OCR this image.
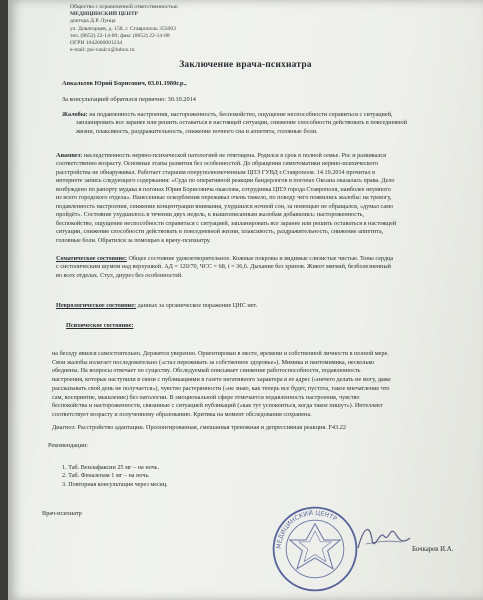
Общество с ограниченной ответственностью
МЕДИЦИНСКИЙ ЦЕНТР
доктора Д.Р. Лунца
ул. Доваторцев, д. 158, г. Ставрополь 355003
тел. (8652) 22-14-89; факс (8652) 22-14-88
ОГРН 1042600001234
e-mail: psi-vaulcx@inbox.ru
Заключение врача-психиатра
Анкальтов Юрий Борисович, 03.01.1980г.р.,
За консультацией обратился первично: 30.10.2014
Жалобы: на подавленность настроения, настороженность, беспокойство, ощущение неспособности справиться с ситуацией,
запланировать все заранее или решить оставаться в настоящей ситуации, снижение способности действовать в повседневной
жизни, плаксивость, раздражительность, снижение ночного сна и аппетита, головные боли.
Анамнез: наследственность нервно-психической патологией не отягощена. Родился в срок в полной семье. Рос и развивался
соответственно возрасту. Основные этапы развития без особенностей. До обращения симптоматики нервно-психического
расстройства не обнаруживал. Работает старшим оперуполномоченным ЦПЭ ГУВД г.Ставрополя. 14.10.2014 прочитал в
интернете запись следующего содержания: «Суда по оперативной реакции бандерлогов в погонах Оксана оказалась права. Дело
возбуждено по рапорту мудака в погонах Юрия Борисовича окаелова, сотрудника ЦПЭ города Ставрополя, наиболее неумного
из всего городского отдела». Нанесенные оскорбления переживал очень тяжело, по поводу чего появились жалобы: на тревогу,
подавленность настроения, снижение концентрации внимания, ухудшился ночной сон, за помощью не обращался, «думал само
пройдёт». Состояние ухудшилось в течении двух недель, к вышеописанным жалобам добавились: настороженность,
беспокойство, ощущение неспособности справиться с ситуацией, запланировать все заранее или решить оставаться в настоящей
ситуации, снижение способности действовать в повседневной жизни, плаксивость, раздражительность, снижение аппетита,
головные боли. Обратился за помощью к врачу-психиатру.
Соматическое состояние: Общее состояние удовлетворительное. Кожные покровы и видимые слизистые чистые. Тоны сердца
с систолическим шумом над верхушкой. АД = 120/70, ЧСС = 68, t = 36,6. Дыхание без хрипов. Живот мягкий, безболезненный
во всех отделах. Стул, диурез без особенностей.
Неврологическое состояние: данных за органическое поражение ЦНС нет.
Психическое состояние:
на беседу явился самостоятельно. Держится уверенно. Ориентирован в месте, времени и собственной личности в полной мере.
Свои жалобы излагает последовательно («стал переживать за собственное здоровье»). Мимика и пантомимика, несколько
обеднены. На вопросы отвечает по существу. Обследуемый описывает снижение работоспособности, подавленность
настроения, которые наступили в связи с публикациями в газете негативного характера в ее адрес («ничего делать не могу, даже
рассказывать свой день не получается»), чувство растерянности («не знаю, как теперь все будет, пустота, такое впечатление что
сам, восприятие, мышление) без патологии. В эмоциональной сфере отмечается подавленность настроения, чувство
беспокойства и настороженности, связанные с ситуацией публикаций («как тут успокоиться, когда такое пишут»). Интеллект
соответствует возрасту и полученному образованию. Критика на момент обследования сохранена.
Диагноз: Расстройство адаптации. Пролонгированная, смешанная тревожная и депрессивная реакция. F43.22
Рекомендации:
1. Таб. Венлафаксин 25 мг – на ночь.
2. Таб. Феназепам 1 мг – на ночь.
3. Повторная консультация через месяц.
Врач-психиатр
Бочкарев И.А.
МЕДИЦИНСКИЙ ЦЕНТР
